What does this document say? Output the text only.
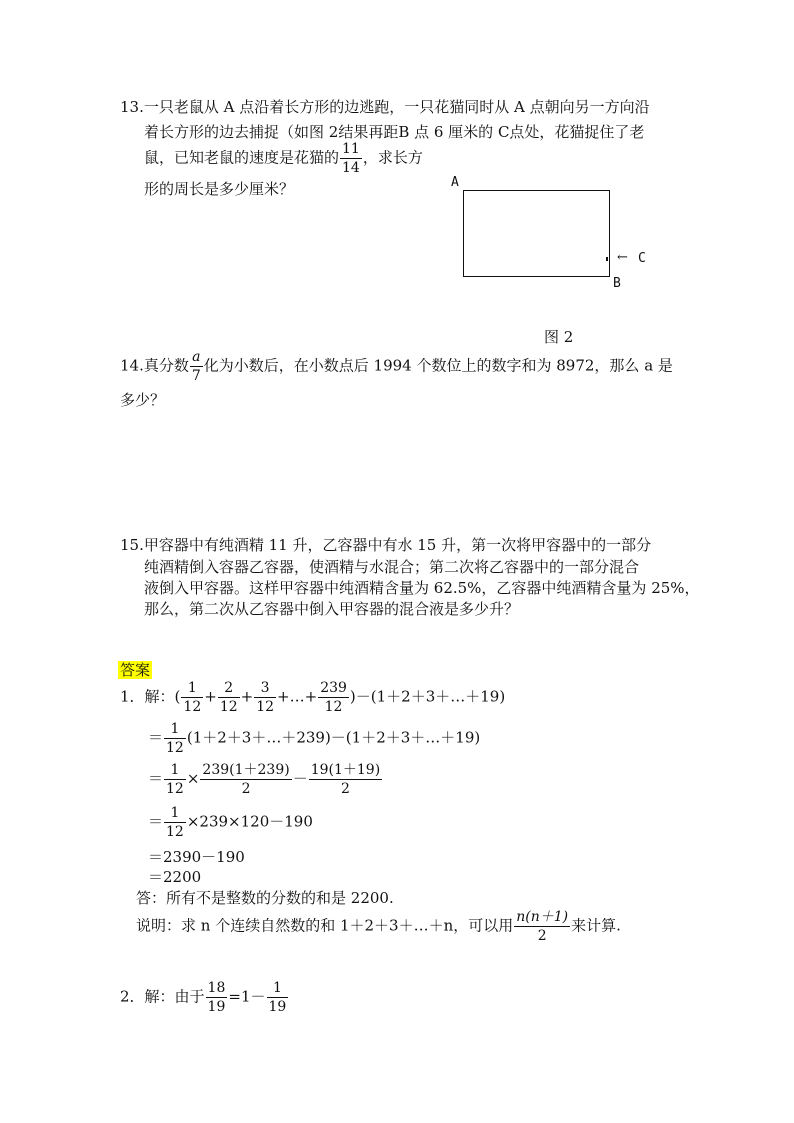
13.一只老鼠从 A 点沿着长方形的边逃跑，一只花猫同时从 A 点朝向另一方向沿
着长方形的边去捕捉（如图 2结果再距B 点 6 厘米的 C点处，花猫捉住了老
鼠，已知老鼠的速度是花猫的 $\frac{11}{14}$ ，求长方
形的周长是多少厘米？	A
← C
B
图 2
14.真分数 $\frac{a}{7}$ 化为小数后，在小数点后 1994 个数位上的数字和为 8972，那么 a 是
多少？
15.甲容器中有纯酒精 11 升，乙容器中有水 15 升，第一次将甲容器中的一部分
纯酒精倒入容器乙容器，使酒精与水混合；第二次将乙容器中的一部分混合
液倒入甲容器。这样甲容器中纯酒精含量为 62.5%，乙容器中纯酒精含量为 25%，
那么，第二次从乙容器中倒入甲容器的混合液是多少升？
答案
1．解：( $\frac{1}{12} + \frac{2}{12} + \frac{3}{12}$ +…+ $\frac{239}{12}$ )－(1＋2＋3＋…＋19)
＝ $\frac{1}{12}$ (1＋2＋3＋…＋239)－(1＋2＋3＋…＋19)
＝ $\frac{1}{12} \times \frac{239(1+239)}{2} - \frac{19(1+19)}{2}$
＝ $\frac{1}{12} \times 239\times 120-190$
＝2390－190
＝2200
答：所有不是整数的分数的和是 2200.
说明：求 n 个连续自然数的和 1＋2＋3＋…＋n，可以用 $\frac{n(n+1)}{2}$ 来计算.
2．解：由于 $\frac{18}{19} =1- \frac{1}{19}$
